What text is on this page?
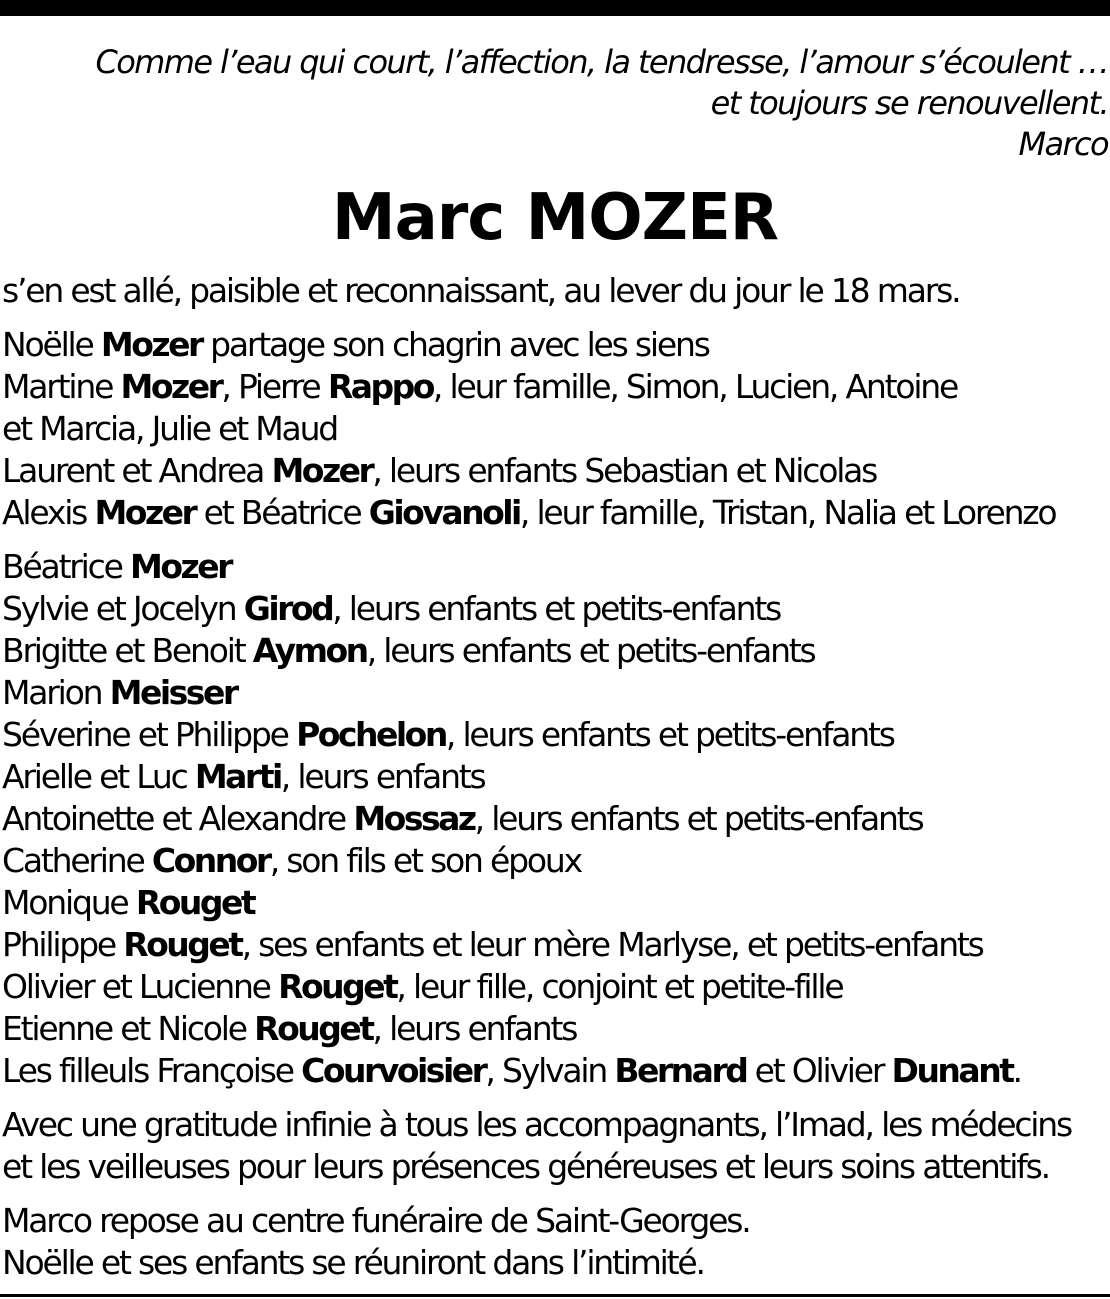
Comme l’eau qui court, l’affection, la tendresse, l’amour s’écoulent …
et toujours se renouvellent.
Marco
Marc MOZER
s’en est allé, paisible et reconnaissant, au lever du jour le 18 mars.
Noëlle Mozer partage son chagrin avec les siens
Martine Mozer, Pierre Rappo, leur famille, Simon, Lucien, Antoine
et Marcia, Julie et Maud
Laurent et Andrea Mozer, leurs enfants Sebastian et Nicolas
Alexis Mozer et Béatrice Giovanoli, leur famille, Tristan, Nalia et Lorenzo
Béatrice Mozer
Sylvie et Jocelyn Girod, leurs enfants et petits-enfants
Brigitte et Benoit Aymon, leurs enfants et petits-enfants
Marion Meisser
Séverine et Philippe Pochelon, leurs enfants et petits-enfants
Arielle et Luc Marti, leurs enfants
Antoinette et Alexandre Mossaz, leurs enfants et petits-enfants
Catherine Connor, son fils et son époux
Monique Rouget
Philippe Rouget, ses enfants et leur mère Marlyse, et petits-enfants
Olivier et Lucienne Rouget, leur fille, conjoint et petite-fille
Etienne et Nicole Rouget, leurs enfants
Les filleuls Françoise Courvoisier, Sylvain Bernard et Olivier Dunant.
Avec une gratitude infinie à tous les accompagnants, l’Imad, les médecins
et les veilleuses pour leurs présences généreuses et leurs soins attentifs.
Marco repose au centre funéraire de Saint-Georges.
Noëlle et ses enfants se réuniront dans l’intimité.
